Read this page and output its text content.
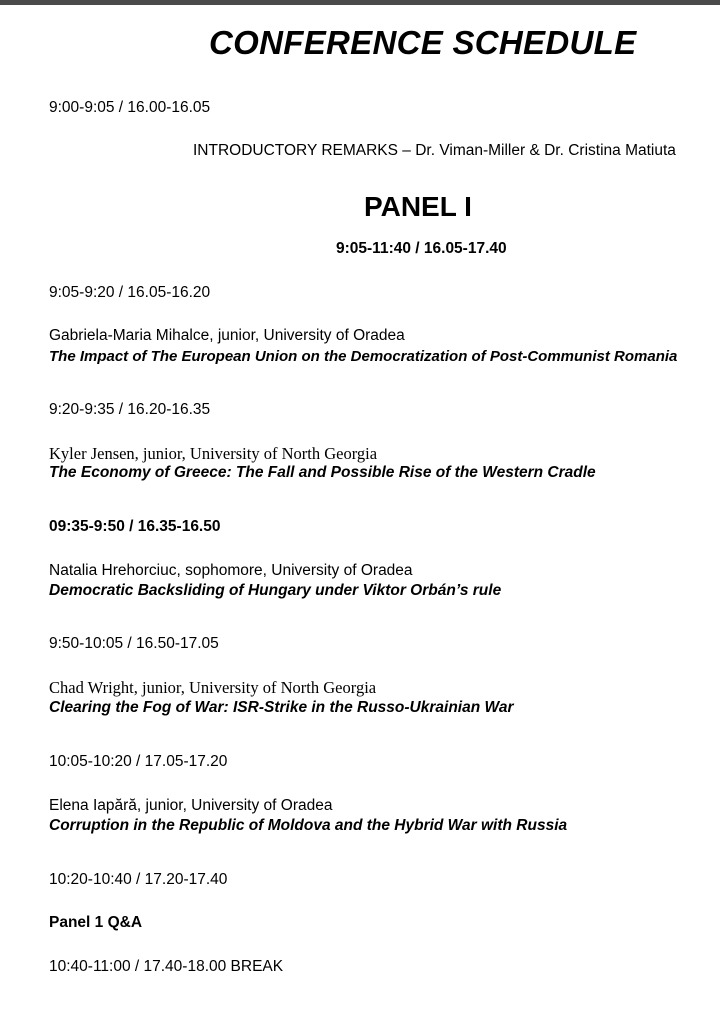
CONFERENCE SCHEDULE
9:00-9:05 / 16.00-16.05
INTRODUCTORY REMARKS – Dr. Viman-Miller & Dr. Cristina Matiuta
PANEL I
9:05-11:40 / 16.05-17.40
9:05-9:20 / 16.05-16.20
Gabriela-Maria Mihalce, junior, University of Oradea
The Impact of The European Union on the Democratization of Post-Communist Romania
9:20-9:35 / 16.20-16.35
Kyler Jensen, junior, University of North Georgia
The Economy of Greece: The Fall and Possible Rise of the Western Cradle
09:35-9:50 / 16.35-16.50
Natalia Hrehorciuc, sophomore, University of Oradea
Democratic Backsliding of Hungary under Viktor Orbán’s rule
9:50-10:05 / 16.50-17.05
Chad Wright, junior, University of North Georgia
Clearing the Fog of War: ISR-Strike in the Russo-Ukrainian War
10:05-10:20 / 17.05-17.20
Elena Iapără, junior, University of Oradea
Corruption in the Republic of Moldova and the Hybrid War with Russia
10:20-10:40 / 17.20-17.40
Panel 1 Q&A
10:40-11:00 / 17.40-18.00 BREAK
